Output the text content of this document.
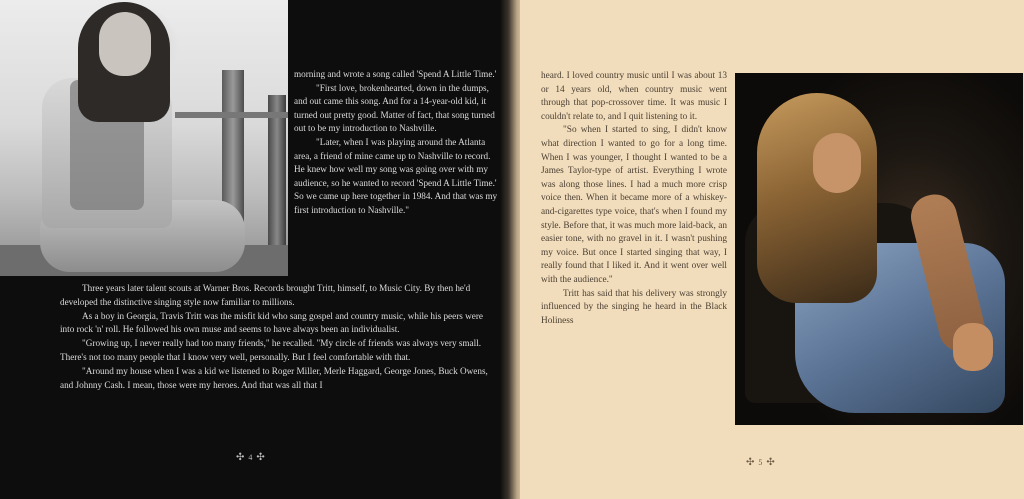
morning and wrote a song called 'Spend A Little Time.'

"First love, brokenhearted, down in the dumps, and out came this song. And for a 14-year-old kid, it turned out pretty good. Matter of fact, that song turned out to be my introduction to Nashville.

"Later, when I was playing around the Atlanta area, a friend of mine came up to Nashville to record. He knew how well my song was going over with my audience, so he wanted to record 'Spend A Little Time.' So we came up here together in 1984. And that was my first introduction to Nashville."

Three years later talent scouts at Warner Bros. Records brought Tritt, himself, to Music City. By then he'd developed the distinctive singing style now familiar to millions.

As a boy in Georgia, Travis Tritt was the misfit kid who sang gospel and country music, while his peers were into rock 'n' roll. He followed his own muse and seems to have always been an individualist.

"Growing up, I never really had too many friends," he recalled. "My circle of friends was always very small. There's not too many people that I know very well, personally. But I feel comfortable with that.

"Around my house when I was a kid we listened to Roger Miller, Merle Haggard, George Jones, Buck Owens, and Johnny Cash. I mean, those were my heroes. And that was all that I

✣ 4 ✣

heard. I loved country music until I was about 13 or 14 years old, when country music went through that pop-crossover time. It was music I couldn't relate to, and I quit listening to it.

"So when I started to sing, I didn't know what direction I wanted to go for a long time. When I was younger, I thought I wanted to be a James Taylor-type of artist. Everything I wrote was along those lines. I had a much more crisp voice then. When it became more of a whiskey-and-cigarettes type voice, that's when I found my style. Before that, it was much more laid-back, an easier tone, with no gravel in it. I wasn't pushing my voice. But once I started singing that way, I really found that I liked it. And it went over well with the audience."

Tritt has said that his delivery was strongly influenced by the singing he heard in the Black Holiness

✣ 5 ✣
